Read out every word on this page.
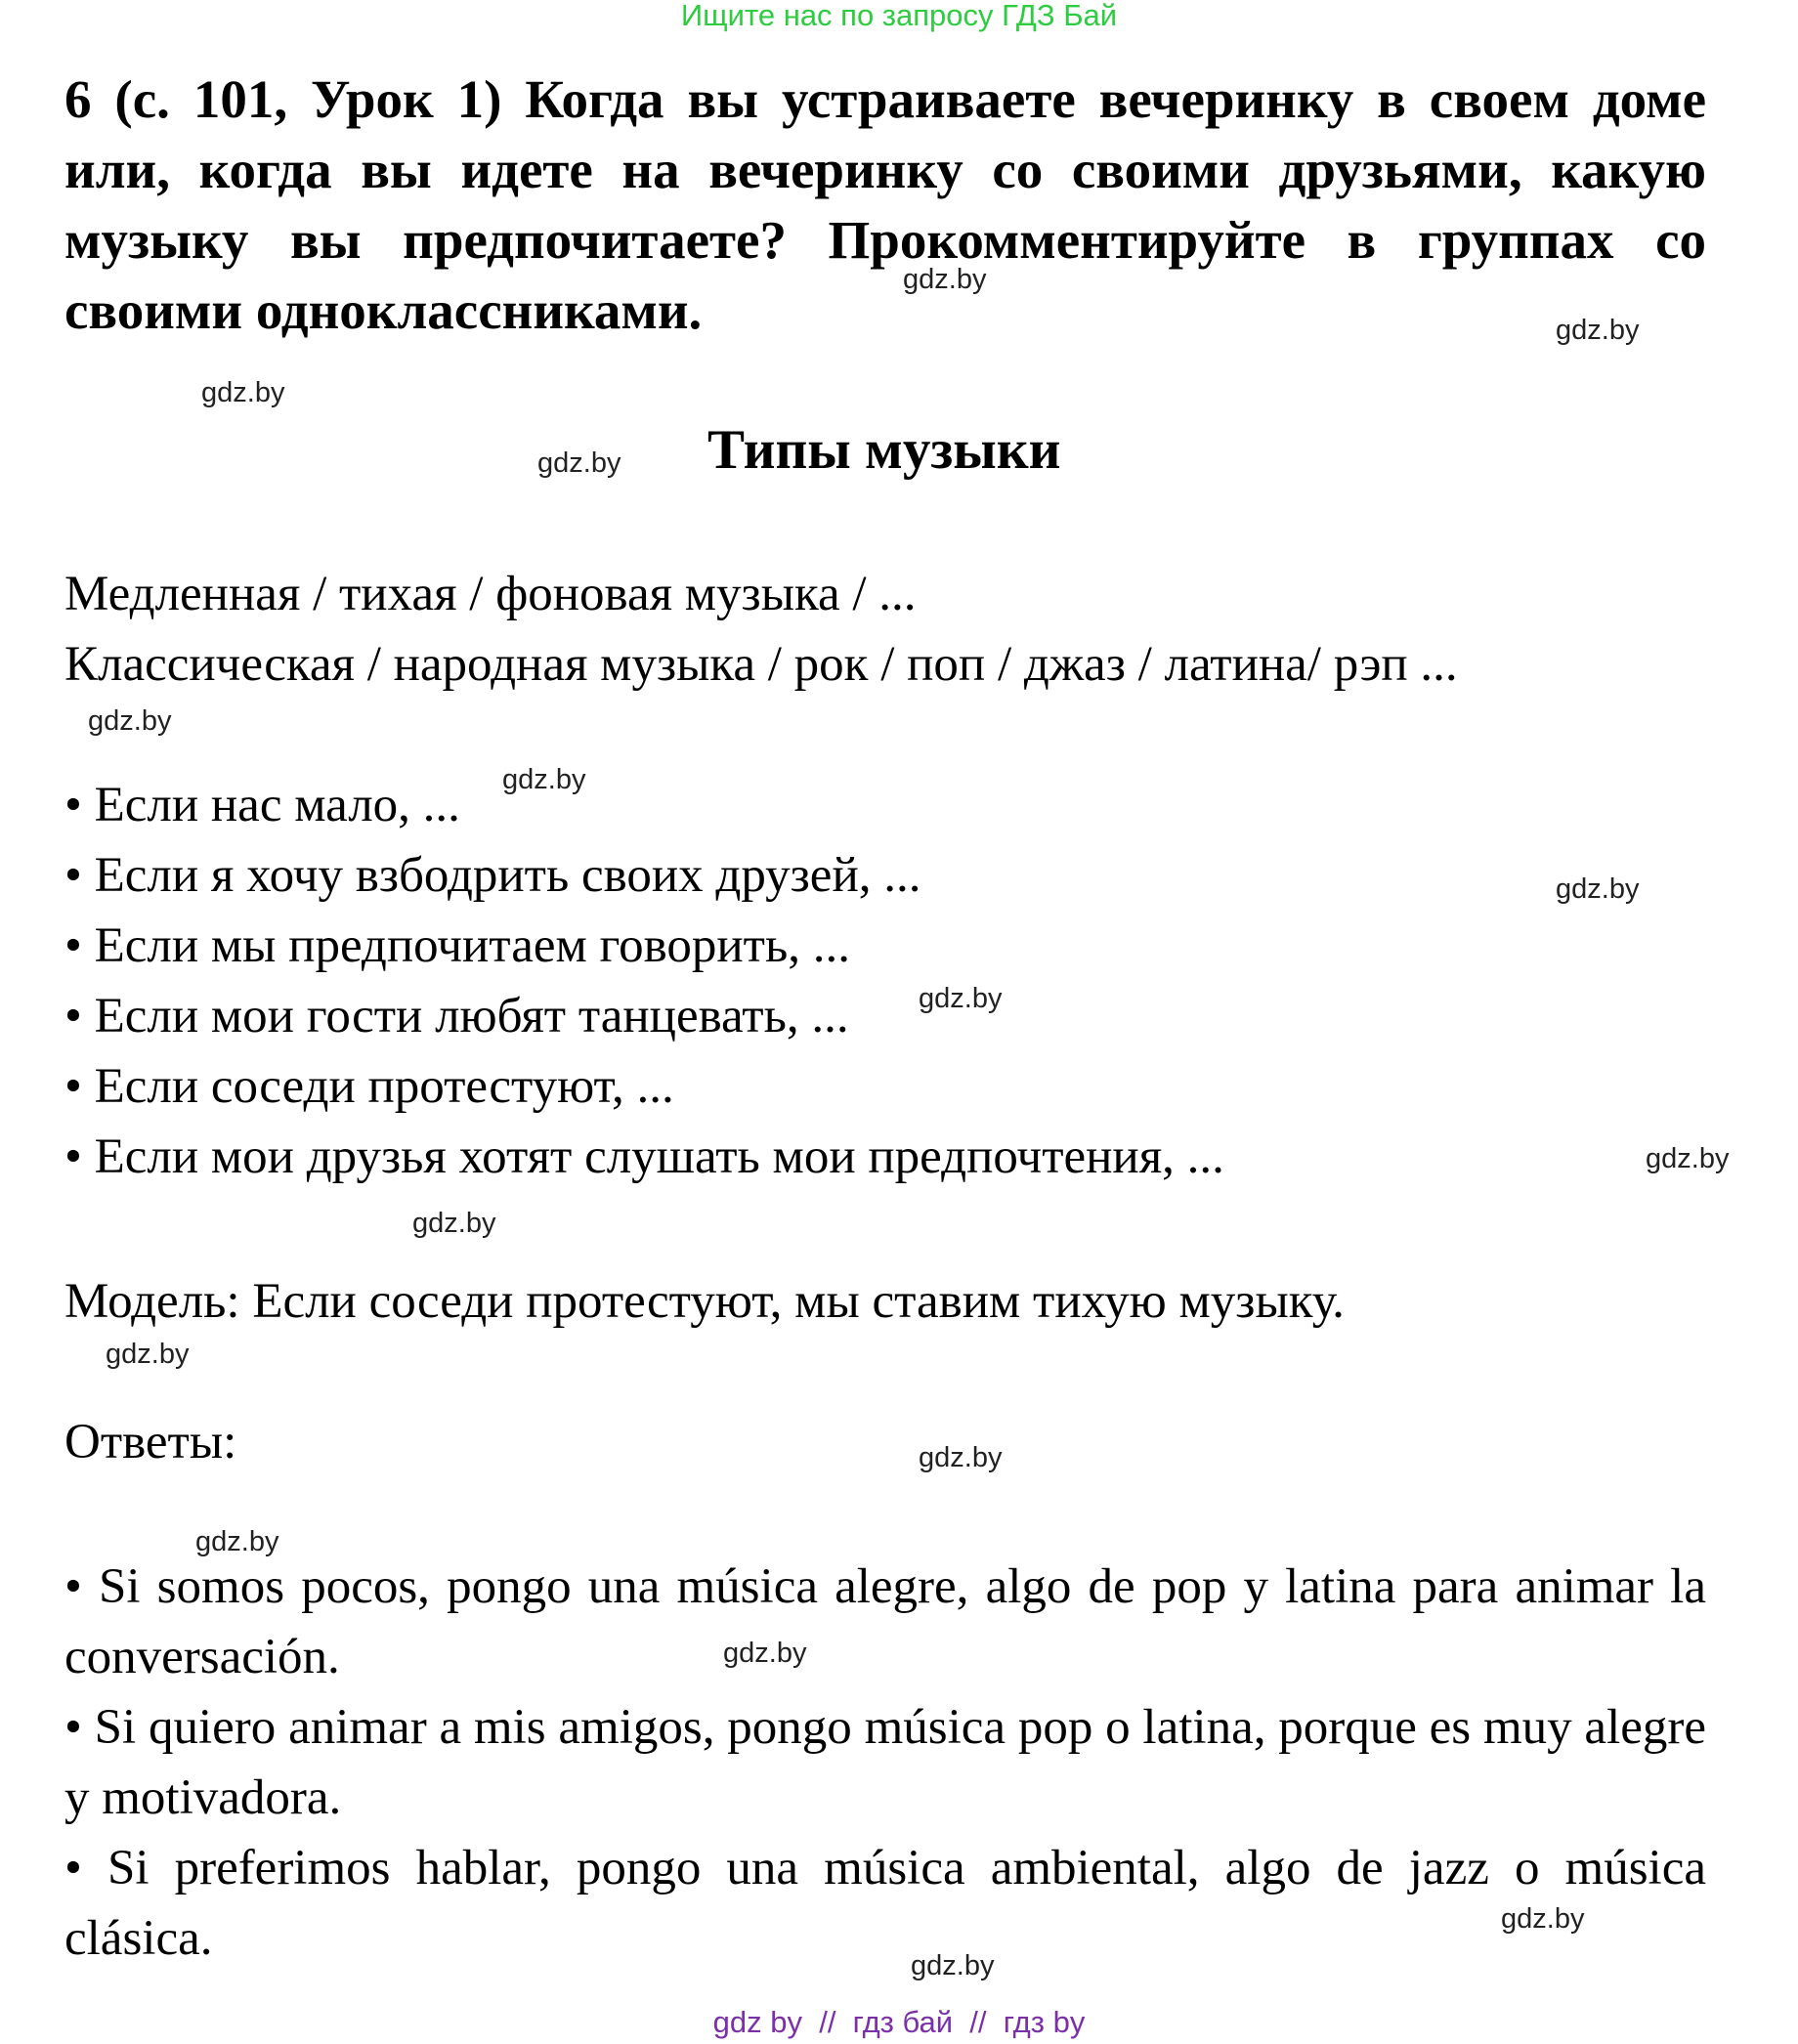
Ищите нас по запросу ГДЗ Бай

6 (с. 101, Урок 1) Когда вы устраиваете вечеринку в своем доме или, когда вы идете на вечеринку со своими друзьями, какую музыку вы предпочитаете? Прокомментируйте в группах со своими одноклассниками.

Типы музыки
Медленная / тихая / фоновая музыка / ...
Классическая / народная музыка / рок / поп / джаз / латина/ рэп ...
• Если нас мало, ...
• Если я хочу взбодрить своих друзей, ...
• Если мы предпочитаем говорить, ...
• Если мои гости любят танцевать, ...
• Если соседи протестуют, ...
• Если мои друзья хотят слушать мои предпочтения, ...
Модель: Если соседи протестуют, мы ставим тихую музыку.
Ответы:

• Si somos pocos, pongo una música alegre, algo de pop y latina para animar la conversación.

• Si quiero animar a mis amigos, pongo música pop o latina, porque es muy alegre y motivadora.

• Si preferimos hablar, pongo una música ambiental, algo de jazz o música clásica.

gdz.by
gdz.by
gdz.by
gdz.by
gdz.by
gdz.by
gdz.by
gdz.by
gdz.by
gdz.by
gdz.by
gdz.by
gdz.by
gdz.by
gdz.by
gdz.by
gdz by  //  гдз бай  //  гдз by
